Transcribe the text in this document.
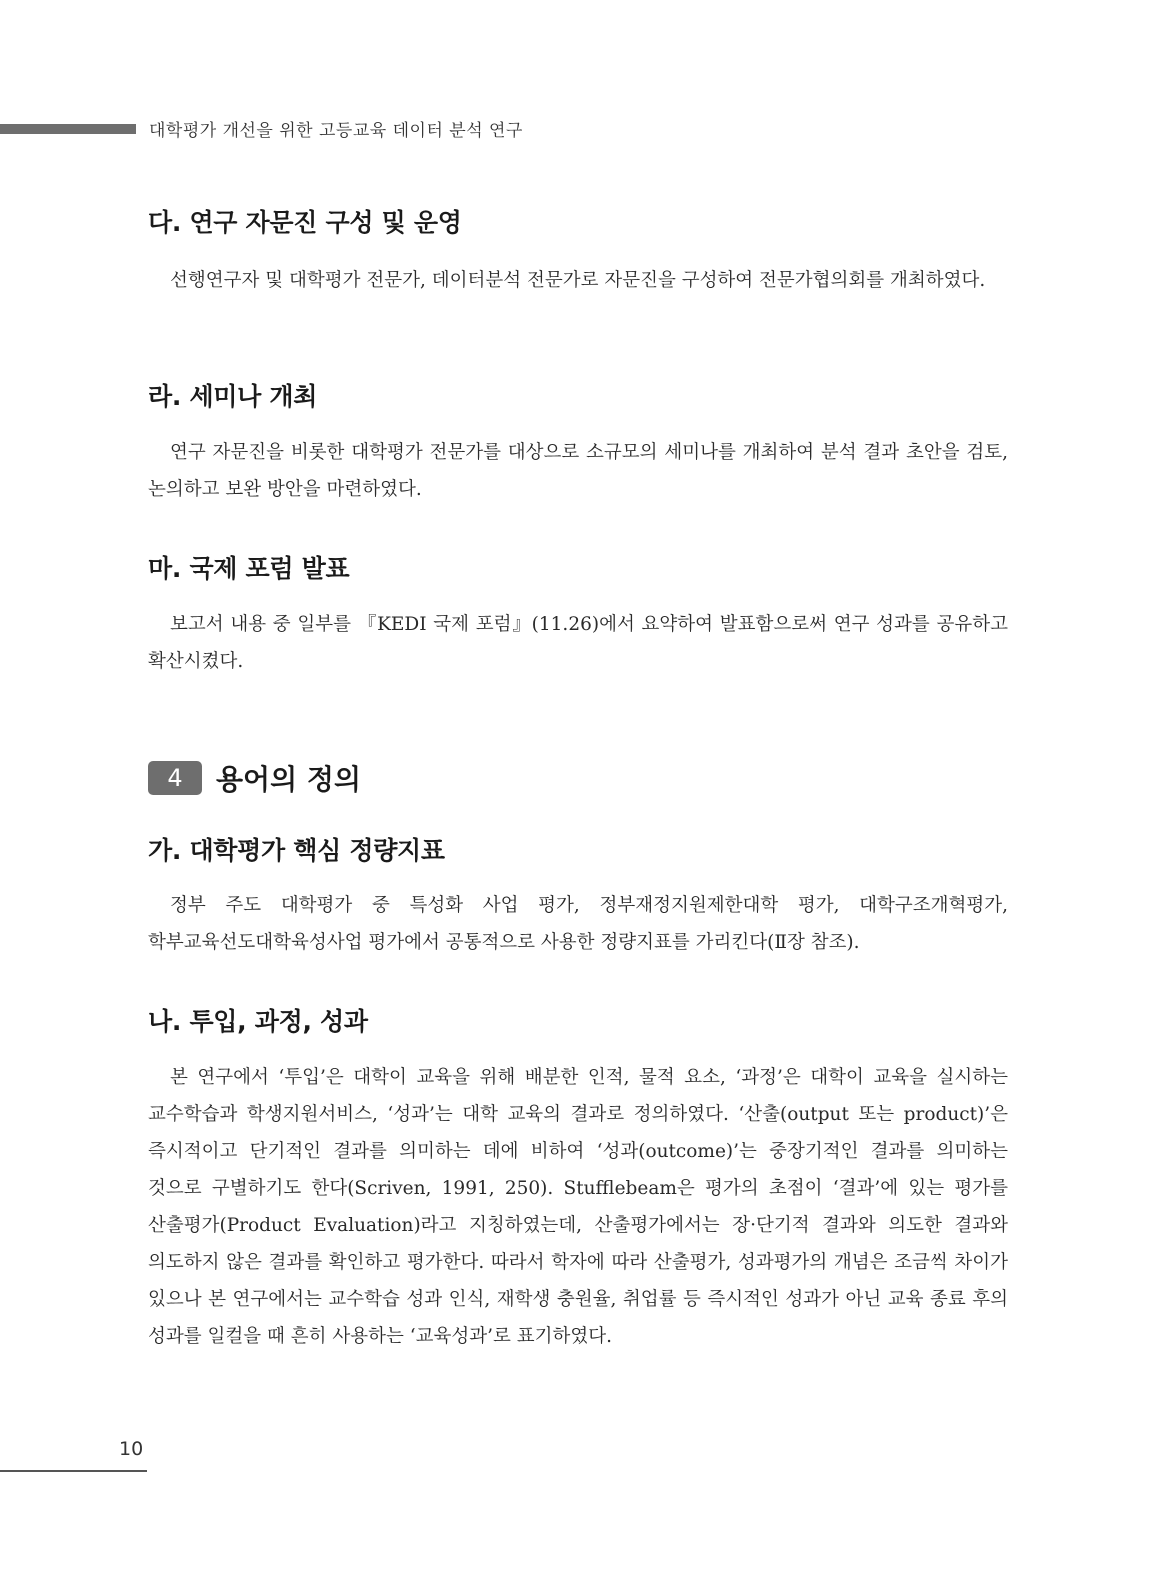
대학평가 개선을 위한 고등교육 데이터 분석 연구
다. 연구 자문진 구성 및 운영
선행연구자 및 대학평가 전문가, 데이터분석 전문가로 자문진을 구성하여 전문가협의회를 개최하였다.
라. 세미나 개최
연구 자문진을 비롯한 대학평가 전문가를 대상으로 소규모의 세미나를 개최하여 분석 결과 초안을 검토, 논의하고 보완 방안을 마련하였다.
마. 국제 포럼 발표
보고서 내용 중 일부를 『KEDI 국제 포럼』(11.26)에서 요약하여 발표함으로써 연구 성과를 공유하고 확산시켰다.
4	용어의 정의
가. 대학평가 핵심 정량지표
정부 주도 대학평가 중 특성화 사업 평가, 정부재정지원제한대학 평가, 대학구조개혁평가, 학부교육선도대학육성사업 평가에서 공통적으로 사용한 정량지표를 가리킨다(Ⅱ장 참조).
나. 투입, 과정, 성과
본 연구에서 ‘투입’은 대학이 교육을 위해 배분한 인적, 물적 요소, ‘과정’은 대학이 교육을 실시하는 교수학습과 학생지원서비스, ‘성과’는 대학 교육의 결과로 정의하였다. ‘산출(output 또는 product)’은 즉시적이고 단기적인 결과를 의미하는 데에 비하여 ‘성과(outcome)’는 중장기적인 결과를 의미하는 것으로 구별하기도 한다(Scriven, 1991, 250). Stufflebeam은 평가의 초점이 ‘결과’에 있는 평가를 산출평가(Product Evaluation)라고 지칭하였는데, 산출평가에서는 장·단기적 결과와 의도한 결과와 의도하지 않은 결과를 확인하고 평가한다. 따라서 학자에 따라 산출평가, 성과평가의 개념은 조금씩 차이가 있으나 본 연구에서는 교수학습 성과 인식, 재학생 충원율, 취업률 등 즉시적인 성과가 아닌 교육 종료 후의 성과를 일컬을 때 흔히 사용하는 ‘교육성과’로 표기하였다.
10
